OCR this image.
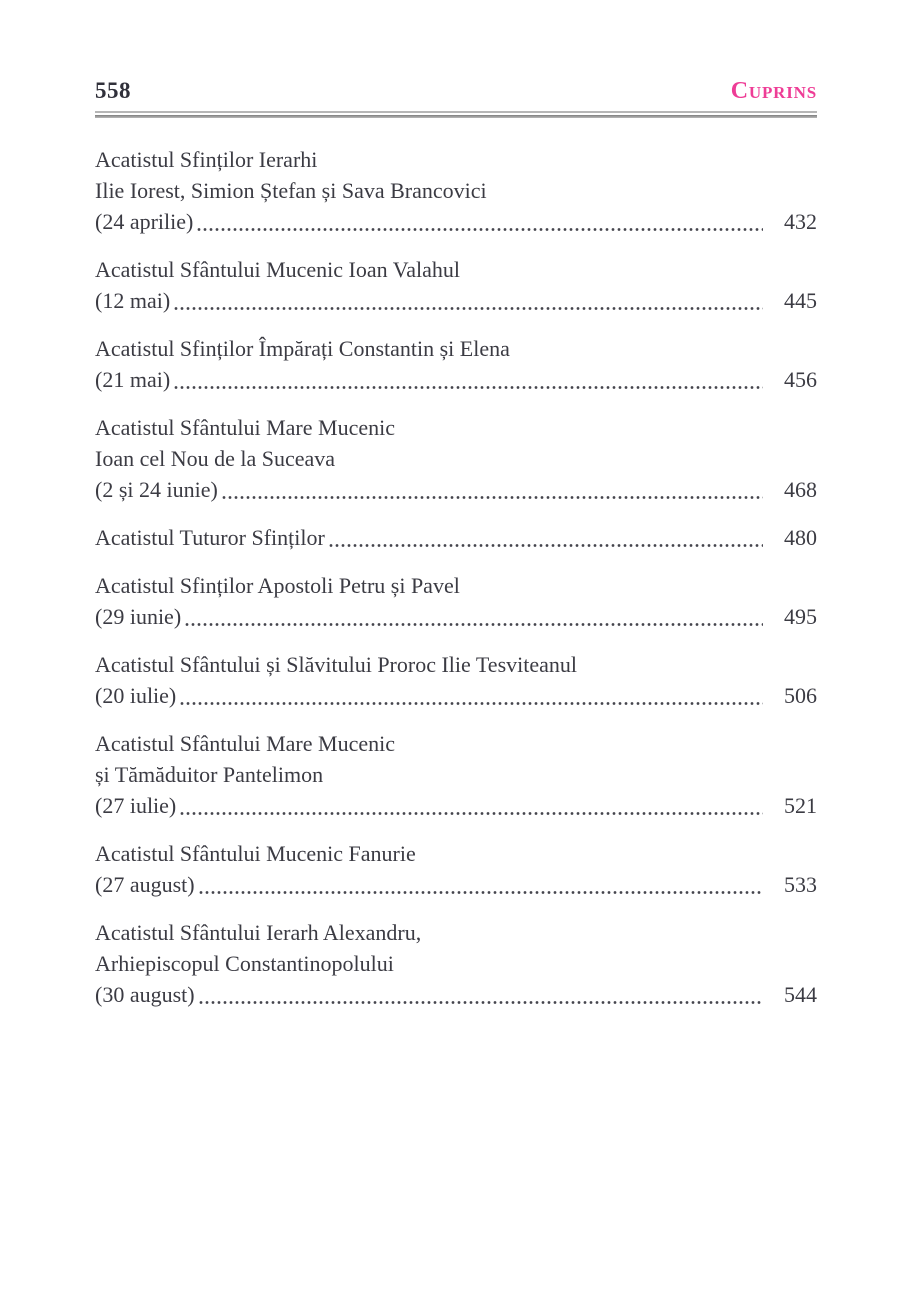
558	Cuprins
Acatistul Sfinților Ierarhi
Ilie Iorest, Simion Ștefan și Sava Brancovici
(24 aprilie)	432
Acatistul Sfântului Mucenic Ioan Valahul
(12 mai)	445
Acatistul Sfinților Împărați Constantin și Elena
(21 mai)	456
Acatistul Sfântului Mare Mucenic
Ioan cel Nou de la Suceava
(2 și 24 iunie)	468
Acatistul Tuturor Sfinților	480
Acatistul Sfinților Apostoli Petru și Pavel
(29 iunie)	495
Acatistul Sfântului și Slăvitului Proroc Ilie Tesviteanul
(20 iulie)	506
Acatistul Sfântului Mare Mucenic
și Tămăduitor Pantelimon
(27 iulie)	521
Acatistul Sfântului Mucenic Fanurie
(27 august)	533
Acatistul Sfântului Ierarh Alexandru,
Arhiepiscopul Constantinopolului
(30 august)	544
